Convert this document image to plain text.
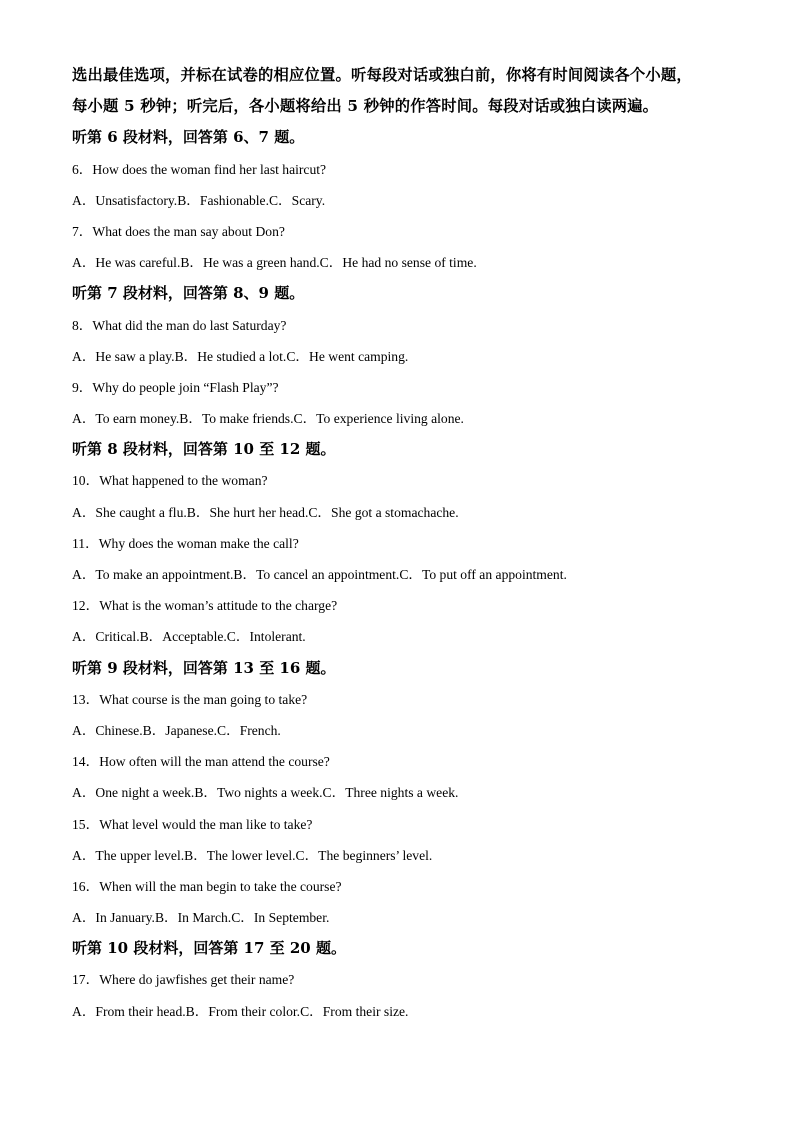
选出最佳选项，并标在试卷的相应位置。听每段对话或独白前，你将有时间阅读各个小题，
每小题 5 秒钟；听完后，各小题将给出 5 秒钟的作答时间。每段对话或独白读两遍。
听第 6 段材料，回答第 6、7 题。
6．How does the woman find her last haircut?
A．Unsatisfactory.B．Fashionable.C．Scary.
7．What does the man say about Don?
A．He was careful.B．He was a green hand.C．He had no sense of time.
听第 7 段材料，回答第 8、9 题。
8．What did the man do last Saturday?
A．He saw a play.B．He studied a lot.C．He went camping.
9．Why do people join “Flash Play”?
A．To earn money.B．To make friends.C．To experience living alone.
听第 8 段材料，回答第 10 至 12 题。
10．What happened to the woman?
A．She caught a flu.B．She hurt her head.C．She got a stomachache.
11．Why does the woman make the call?
A．To make an appointment.B．To cancel an appointment.C．To put off an appointment.
12．What is the woman’s attitude to the charge?
A．Critical.B．Acceptable.C．Intolerant.
听第 9 段材料，回答第 13 至 16 题。
13．What course is the man going to take?
A．Chinese.B．Japanese.C．French.
14．How often will the man attend the course?
A．One night a week.B．Two nights a week.C．Three nights a week.
15．What level would the man like to take?
A．The upper level.B．The lower level.C．The beginners’ level.
16．When will the man begin to take the course?
A．In January.B．In March.C．In September.
听第 10 段材料，回答第 17 至 20 题。
17．Where do jawfishes get their name?
A．From their head.B．From their color.C．From their size.
